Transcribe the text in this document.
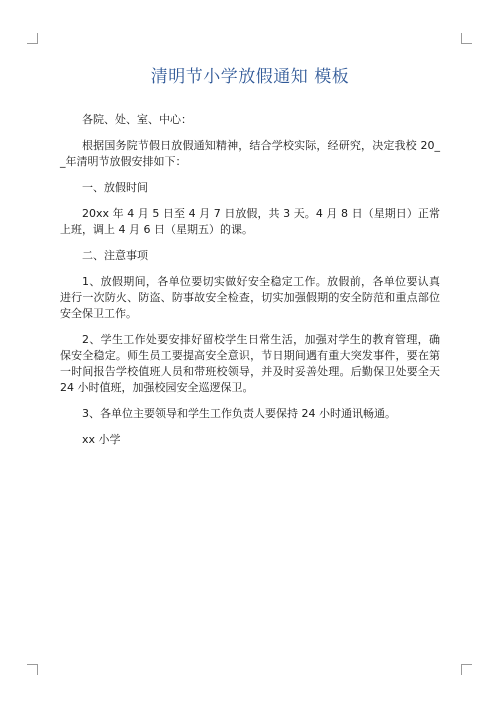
清明节小学放假通知 模板

各院、处、室、中心：

根据国务院节假日放假通知精神，结合学校实际，经研究，决定我校 20__年清明节放假安排如下：

一、放假时间

20xx 年 4 月 5 日至 4 月 7 日放假，共 3 天。4 月 8 日（星期日）正常上班，调上 4 月 6 日（星期五）的课。

二、注意事项

1、放假期间，各单位要切实做好安全稳定工作。放假前，各单位要认真进行一次防火、防盗、防事故安全检查，切实加强假期的安全防范和重点部位安全保卫工作。

2、学生工作处要安排好留校学生日常生活，加强对学生的教育管理，确保安全稳定。师生员工要提高安全意识，节日期间遇有重大突发事件，要在第一时间报告学校值班人员和带班校领导，并及时妥善处理。后勤保卫处要全天 24 小时值班，加强校园安全巡逻保卫。

3、各单位主要领导和学生工作负责人要保持 24 小时通讯畅通。

xx 小学
